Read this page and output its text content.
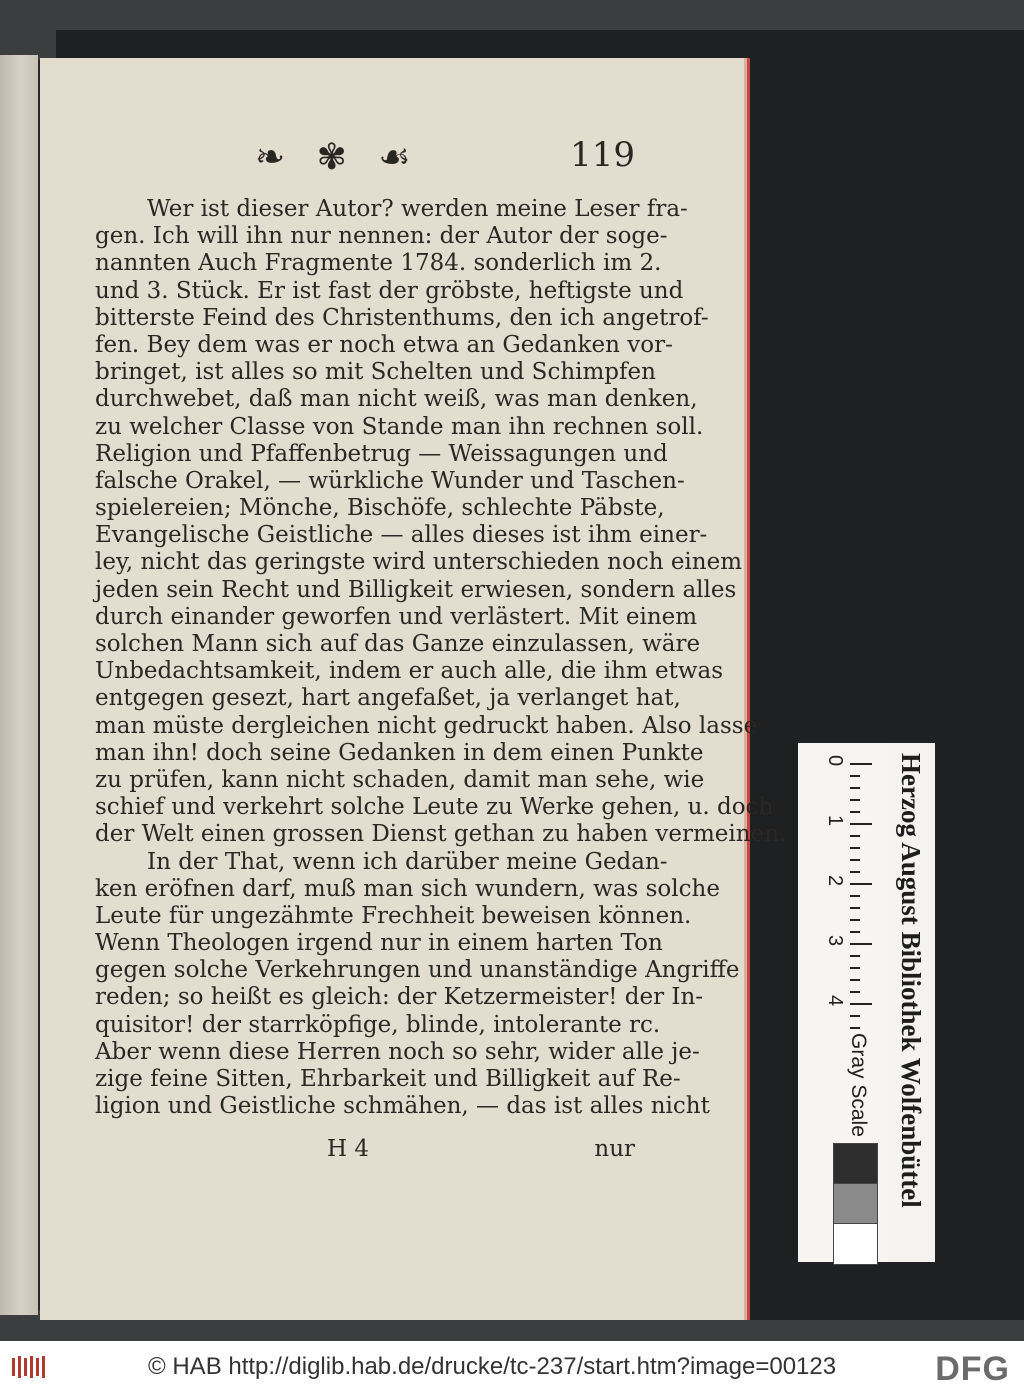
❧ ✾ ☙	119
Wer ist dieser Autor? werden meine Leser fra-
gen. Ich will ihn nur nennen: der Autor der soge-
nannten Auch Fragmente 1784. sonderlich im 2.
und 3. Stück. Er ist fast der gröbste, heftigste und
bitterste Feind des Christenthums, den ich angetrof-
fen. Bey dem was er noch etwa an Gedanken vor-
bringet, ist alles so mit Schelten und Schimpfen
durchwebet, daß man nicht weiß, was man denken,
zu welcher Classe von Stande man ihn rechnen soll.
Religion und Pfaffenbetrug — Weissagungen und
falsche Orakel, — würkliche Wunder und Taschen-
spielereien; Mönche, Bischöfe, schlechte Päbste,
Evangelische Geistliche — alles dieses ist ihm einer-
ley, nicht das geringste wird unterschieden noch einem
jeden sein Recht und Billigkeit erwiesen, sondern alles
durch einander geworfen und verlästert. Mit einem
solchen Mann sich auf das Ganze einzulassen, wäre
Unbedachtsamkeit, indem er auch alle, die ihm etwas
entgegen gesezt, hart angefaßet, ja verlanget hat,
man müste dergleichen nicht gedruckt haben. Also lasse
man ihn! doch seine Gedanken in dem einen Punkte
zu prüfen, kann nicht schaden, damit man sehe, wie
schief und verkehrt solche Leute zu Werke gehen, u. doch
der Welt einen grossen Dienst gethan zu haben vermeinen.
In der That, wenn ich darüber meine Gedan-
ken eröfnen darf, muß man sich wundern, was solche
Leute für ungezähmte Frechheit beweisen können.
Wenn Theologen irgend nur in einem harten Ton
gegen solche Verkehrungen und unanständige Angriffe
reden; so heißt es gleich: der Ketzermeister! der In-
quisitor! der starrköpfige, blinde, intolerante rc.
Aber wenn diese Herren noch so sehr, wider alle je-
zige feine Sitten, Ehrbarkeit und Billigkeit auf Re-
ligion und Geistliche schmähen, — das ist alles nicht
H 4	nur
0
1
2
3
4
Gray Scale Herzog August Bibliothek Wolfenbüttel
© HAB http://diglib.hab.de/drucke/tc-237/start.htm?image=00123	DFG
